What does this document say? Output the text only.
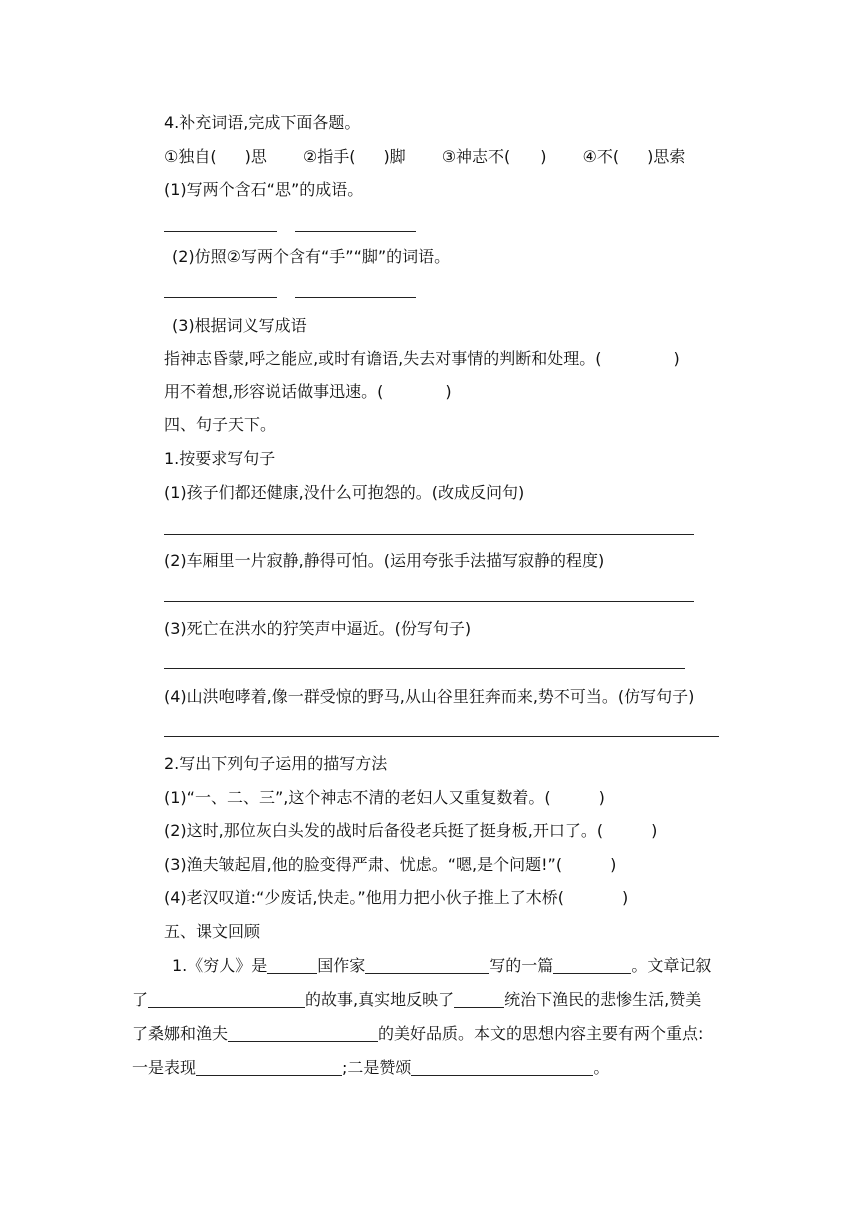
4.补充词语,完成下面各题。
①独自( )思 ②指手( )脚 ③神志不( ) ④不( )思索
(1)写两个含石“思”的成语。
(2)仿照②写两个含有“手”“脚”的词语。
(3)根据词义写成语
指神志昏蒙,呼之能应,或时有谵语,失去对事情的判断和处理。(	)
用不着想,形容说话做事迅速。(	)
四、句子天下。
1.按要求写句子
(1)孩子们都还健康,没什么可抱怨的。(改成反问句)
(2)车厢里一片寂静,静得可怕。(运用夸张手法描写寂静的程度)
(3)死亡在洪水的狞笑声中逼近。(份写句子)
(4)山洪咆哮着,像一群受惊的野马,从山谷里狂奔而来,势不可当。(仿写句子)
2.写出下列句子运用的描写方法
(1)“一、二、三”,这个神志不清的老妇人又重复数着。(	)
(2)这时,那位灰白头发的战时后备役老兵挺了挺身板,开口了。(	)
(3)渔夫皱起眉,他的脸变得严肃、忧虑。“嗯,是个问题!”(	)
(4)老汉叹道:“少废话,快走。”他用力把小伙子推上了木桥(	)
五、课文回顾
1.《穷人》是	国作家	写的一篇	。文章记叙
了	的故事,真实地反映了	统治下渔民的悲惨生活,赞美
了桑娜和渔夫	的美好品质。本文的思想内容主要有两个重点:
一是表现	;二是赞颂	。
